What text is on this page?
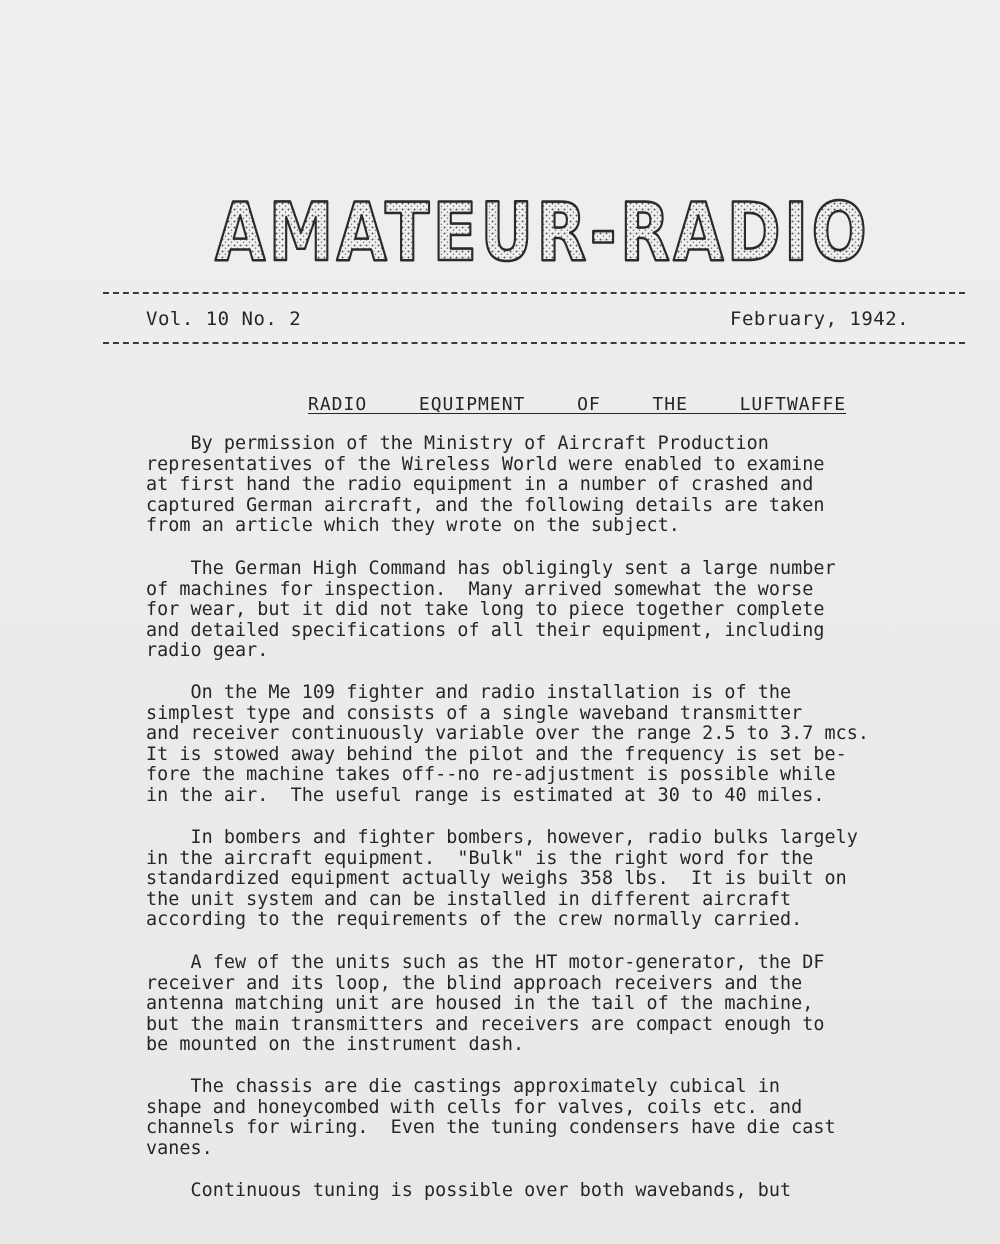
AMATEUR-RADIO
Vol. 10 No. 2	February, 1942.
RADIO  EQUIPMENT  OF  THE  LUFTWAFFE

By permission of the Ministry of Aircraft Production
representatives of the Wireless World were enabled to examine
at first hand the radio equipment in a number of crashed and
captured German aircraft, and the following details are taken
from an article which they wrote on the subject.

The German High Command has obligingly sent a large number
of machines for inspection.  Many arrived somewhat the worse
for wear, but it did not take long to piece together complete
and detailed specifications of all their equipment, including
radio gear.

On the Me 109 fighter and radio installation is of the
simplest type and consists of a single waveband transmitter
and receiver continuously variable over the range 2.5 to 3.7 mcs.
It is stowed away behind the pilot and the frequency is set be-
fore the machine takes off--no re-adjustment is possible while
in the air.  The useful range is estimated at 30 to 40 miles.

In bombers and fighter bombers, however, radio bulks largely
in the aircraft equipment.  "Bulk" is the right word for the
standardized equipment actually weighs 358 lbs.  It is built on
the unit system and can be installed in different aircraft
according to the requirements of the crew normally carried.

A few of the units such as the HT motor-generator, the DF
receiver and its loop, the blind approach receivers and the
antenna matching unit are housed in the tail of the machine,
but the main transmitters and receivers are compact enough to
be mounted on the instrument dash.

The chassis are die castings approximately cubical in
shape and honeycombed with cells for valves, coils etc. and
channels for wiring.  Even the tuning condensers have die cast
vanes.

Continuous tuning is possible over both wavebands, but
